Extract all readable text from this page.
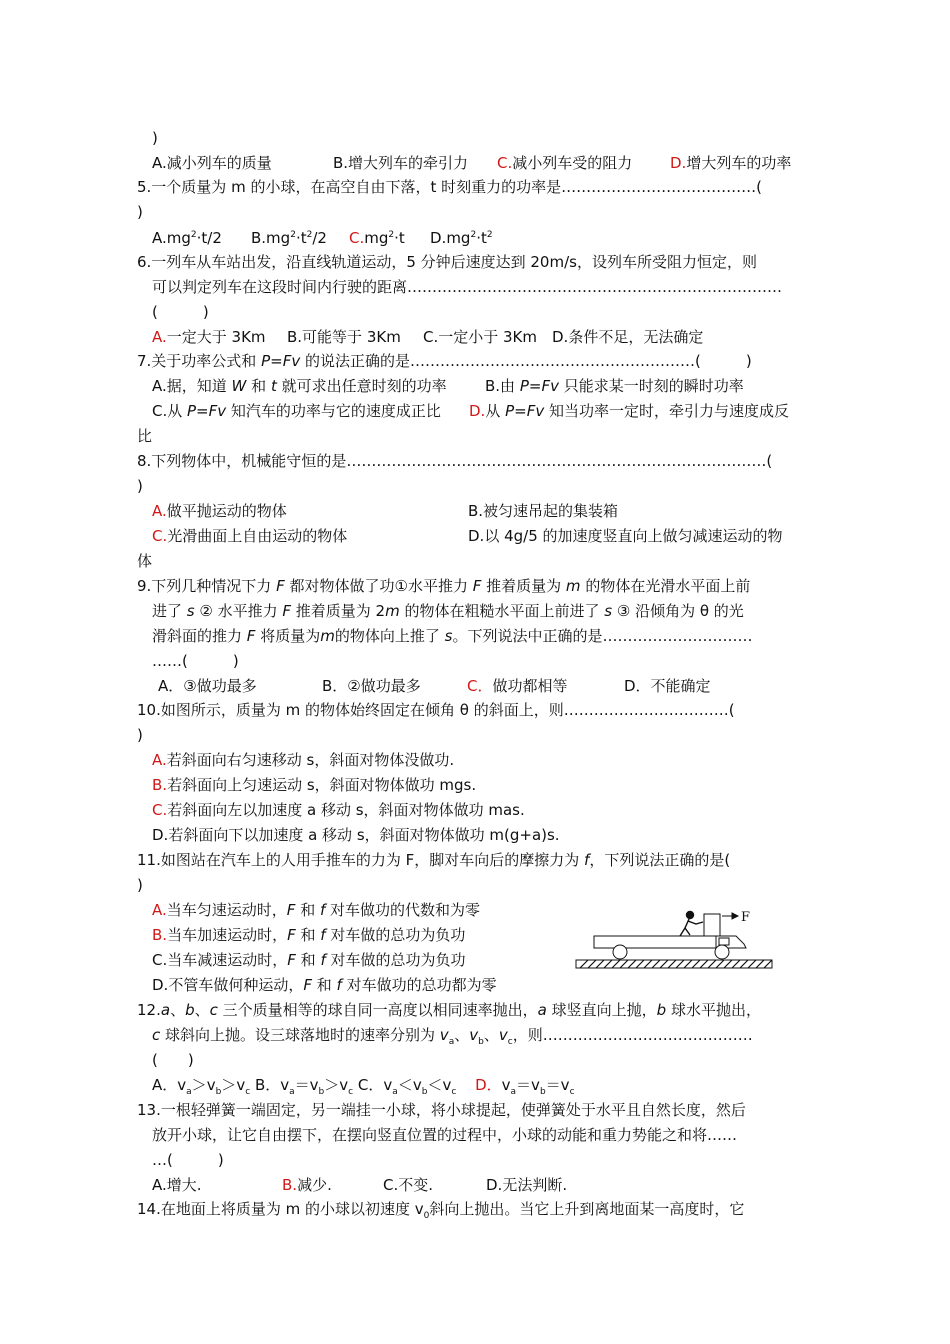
)
A.减小列车的质量	B.增大列车的牵引力 C.减小列车受的阻力	D.增大列车的功率
5.一个质量为 m 的小球，在高空自由下落，t 时刻重力的功率是…………………………………(
)
$A.mg^2\cdot t/2$ $B.mg^2\cdot t^2/2$ $C.mg^2\cdot t$ $D.mg^2\cdot t^2$
6.一列车从车站出发，沿直线轨道运动，5 分钟后速度达到 20m/s，设列车所受阻力恒定，则
可以判定列车在这段时间内行驶的距离…………………………………………………………………
(　　　)
A.一定大于 3Km B.可能等于 3Km C.一定小于 3Km D.条件不足，无法确定
7.关于功率公式和 P=Fv 的说法正确的是…………………………………………………(　　　)
A.据，知道 W 和 t 就可求出任意时刻的功率	B.由 P=Fv 只能求某一时刻的瞬时功率
C.从 P=Fv 知汽车的功率与它的速度成正比 D.从 P=Fv 知当功率一定时，牵引力与速度成反
比
8.下列物体中，机械能守恒的是…………………………………………………………………………(
)
A.做平抛运动的物体	B.被匀速吊起的集装箱
C.光滑曲面上自由运动的物体	D.以 4g/5 的加速度竖直向上做匀减速运动的物
体
9.下列几种情况下力 F 都对物体做了功①水平推力 F 推着质量为 m 的物体在光滑水平面上前
进了 s ② 水平推力 F 推着质量为 2m 的物体在粗糙水平面上前进了 s ③ 沿倾角为 θ 的光
滑斜面的推力 F 将质量为m的物体向上推了 s。下列说法中正确的是…………………………
……(　　　)
A．③做功最多	B．②做功最多	C．做功都相等	D．不能确定
10.如图所示，质量为 m 的物体始终固定在倾角 θ 的斜面上，则……………………………(
)
A.若斜面向右匀速移动 s，斜面对物体没做功.
B.若斜面向上匀速运动 s，斜面对物体做功 mgs.
C.若斜面向左以加速度 a 移动 s，斜面对物体做功 mas.
D.若斜面向下以加速度 a 移动 s，斜面对物体做功 m(g+a)s.
11.如图站在汽车上的人用手推车的力为 F，脚对车向后的摩擦力为 f，下列说法正确的是(
)
A.当车匀速运动时，F 和 f 对车做功的代数和为零
B.当车加速运动时，F 和 f 对车做的总功为负功
C.当车减速运动时，F 和 f 对车做的总功为负功
D.不管车做何种运动，F 和 f 对车做功的总功都为零
F
12.a、b、c 三个质量相等的球自同一高度以相同速率抛出，a 球竖直向上抛，b 球水平抛出，
c 球斜向上抛。设三球落地时的速率分别为 $v_a$、$v_b$、$v_c$，则……………………………………
(　　)
A．$v_a>v_b>v_c$ B．$v_a=v_b>v_c$ C．$v_a<v_b<v_c$ D．$v_a=v_b=v_c$
13.一根轻弹簧一端固定，另一端挂一小球，将小球提起，使弹簧处于水平且自然长度，然后
放开小球，让它自由摆下，在摆向竖直位置的过程中，小球的动能和重力势能之和将……
…(　　　)
A.增大.	B.减少.	C.不变.	D.无法判断.
14.在地面上将质量为 m 的小球以初速度 $v_0$斜向上抛出。当它上升到离地面某一高度时，它
